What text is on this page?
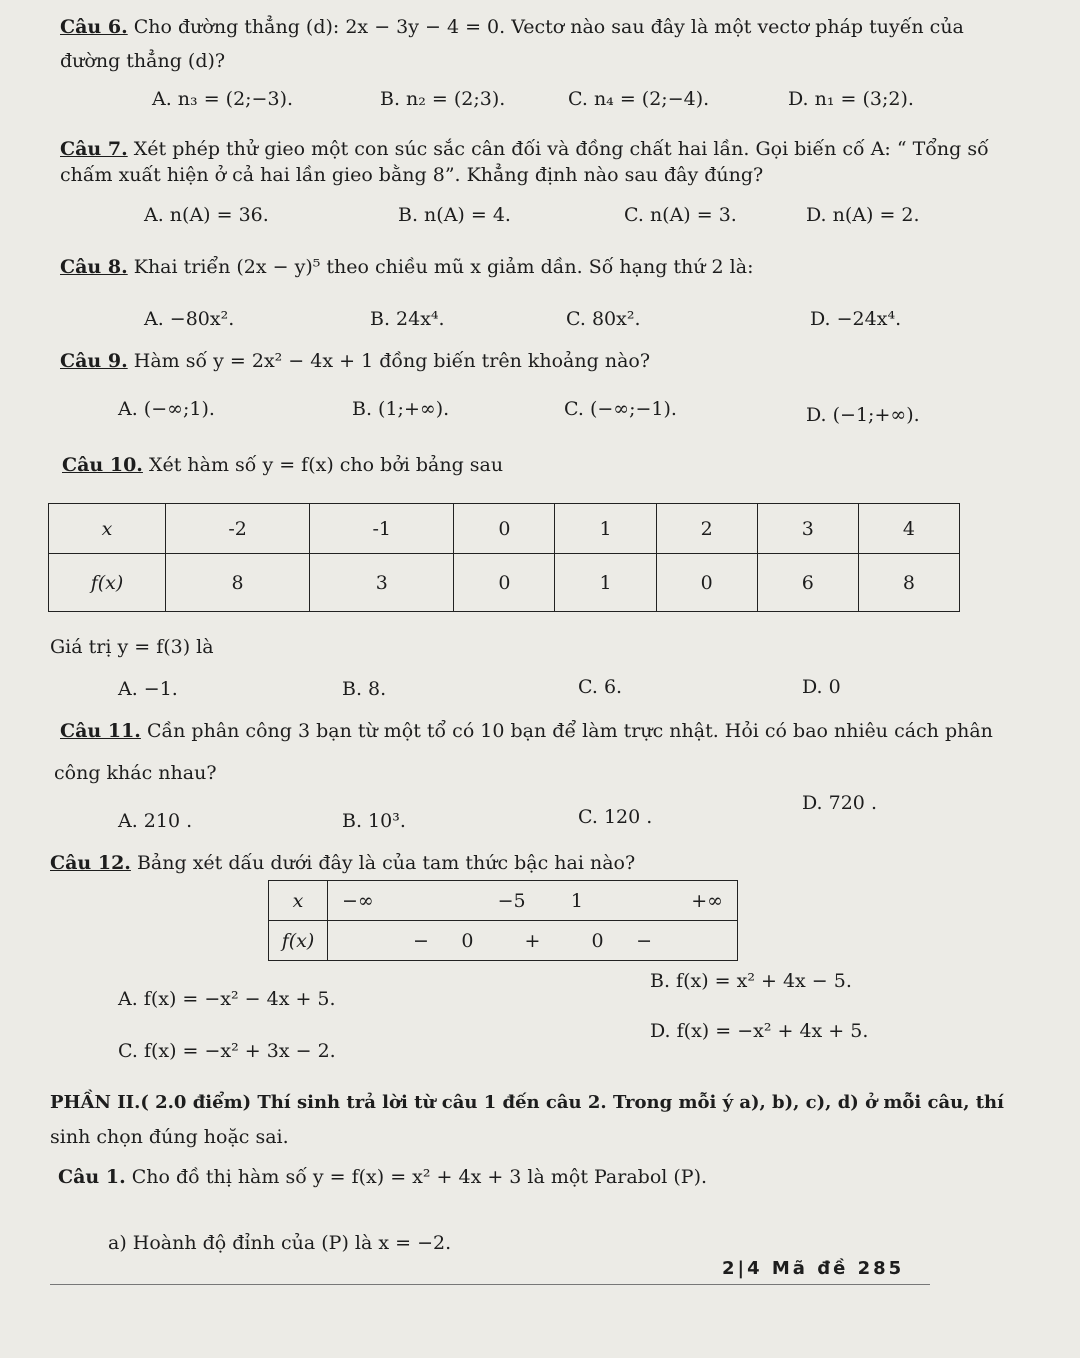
Câu 6. Cho đường thẳng (d): 2x − 3y − 4 = 0. Vectơ nào sau đây là một vectơ pháp tuyến của
đường thẳng (d)?
A. n₃ = (2;−3).	B. n₂ = (2;3).	C. n₄ = (2;−4).	D. n₁ = (3;2).
Câu 7. Xét phép thử gieo một con súc sắc cân đối và đồng chất hai lần. Gọi biến cố A: “ Tổng số
chấm xuất hiện ở cả hai lần gieo bằng 8”. Khẳng định nào sau đây đúng?
A. n(A) = 36.	B. n(A) = 4.	C. n(A) = 3.	D. n(A) = 2.
Câu 8. Khai triển (2x − y)⁵ theo chiều mũ x giảm dần. Số hạng thứ 2 là:
A. −80x².	B. 24x⁴.	C. 80x².	D. −24x⁴.
Câu 9. Hàm số y = 2x² − 4x + 1 đồng biến trên khoảng nào?
A. (−∞;1).	B. (1;+∞).	C. (−∞;−1).	D. (−1;+∞).
Câu 10. Xét hàm số y = f(x) cho bởi bảng sau
x	-2	-1	0	1	2	3	4
f(x)	8	3	0	1	0	6	8
Giá trị y = f(3) là
A. −1.	B. 8.	C. 6.	D. 0
Câu 11. Cần phân công 3 bạn từ một tổ có 10 bạn để làm trực nhật. Hỏi có bao nhiêu cách phân
công khác nhau?
A. 210 .	B. 10³.	C. 120 .
D. 720 .
Câu 12. Bảng xét dấu dưới đây là của tam thức bậc hai nào?
x	−∞	−5	1	+∞
f(x)	−	0	+	0	−
A. f(x) = −x² − 4x + 5.
B. f(x) = x² + 4x − 5.
C. f(x) = −x² + 3x − 2.
D. f(x) = −x² + 4x + 5.
PHẦN II.( 2.0 điểm) Thí sinh trả lời từ câu 1 đến câu 2. Trong mỗi ý a), b), c), d) ở mỗi câu, thí
sinh chọn đúng hoặc sai.
Câu 1. Cho đồ thị hàm số y = f(x) = x² + 4x + 3 là một Parabol (P).
a) Hoành độ đỉnh của (P) là x = −2.
2|4 Mã đề 285
